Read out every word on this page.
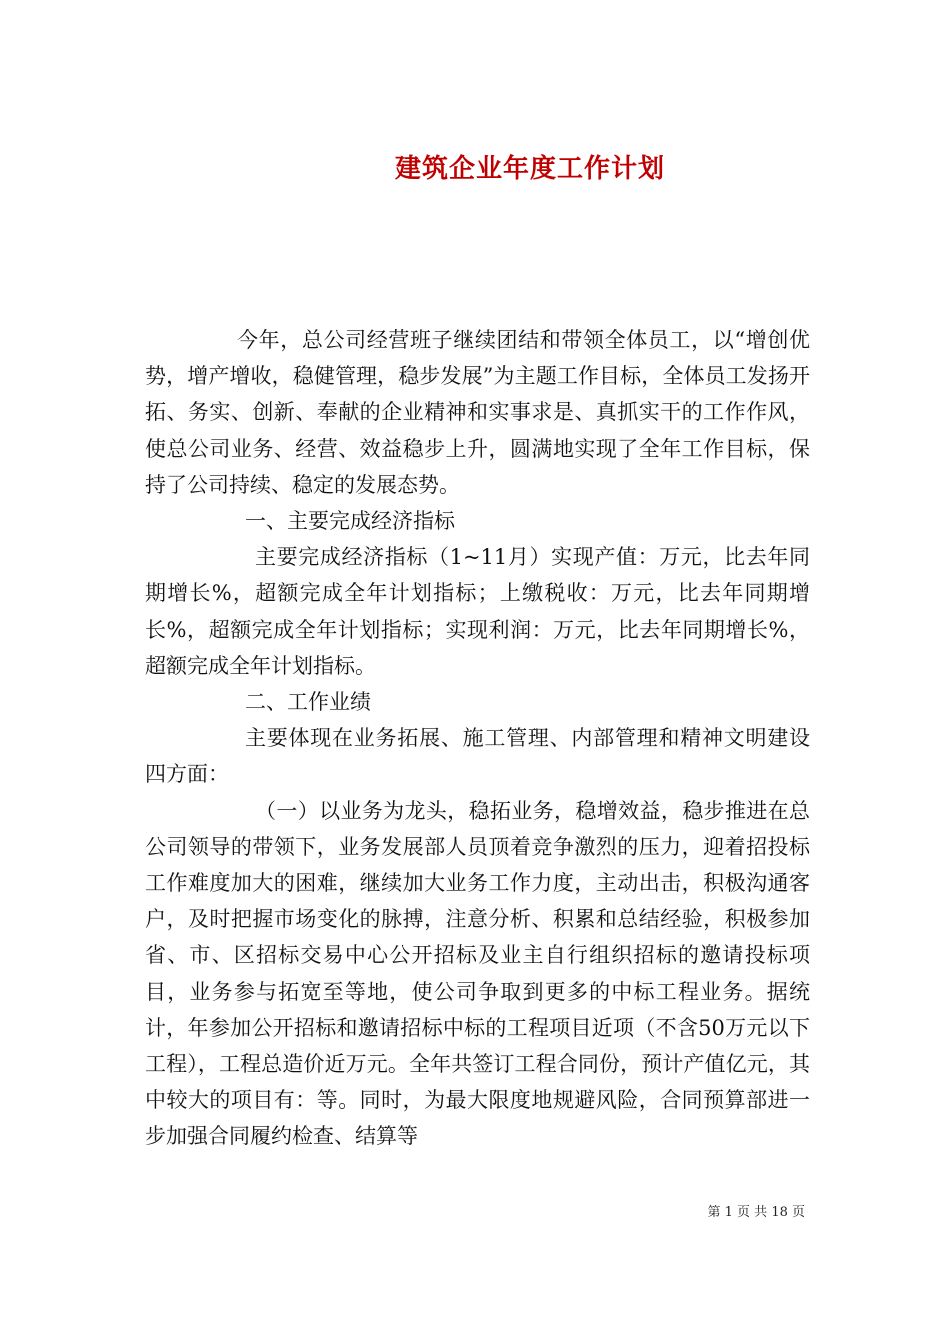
建筑企业年度工作计划

今年，总公司经营班子继续团结和带领全体员工，以“增创优势，增产增收，稳健管理，稳步发展”为主题工作目标，全体员工发扬开拓、务实、创新、奉献的企业精神和实事求是、真抓实干的工作作风，使总公司业务、经营、效益稳步上升，圆满地实现了全年工作目标，保持了公司持续、稳定的发展态势。

一、主要完成经济指标

主要完成经济指标（1~11月）实现产值：万元，比去年同期增长%，超额完成全年计划指标；上缴税收：万元，比去年同期增长%，超额完成全年计划指标；实现利润：万元，比去年同期增长%，超额完成全年计划指标。

二、工作业绩

主要体现在业务拓展、施工管理、内部管理和精神文明建设四方面：

（一）以业务为龙头，稳拓业务，稳增效益，稳步推进在总公司领导的带领下，业务发展部人员顶着竞争激烈的压力，迎着招投标工作难度加大的困难，继续加大业务工作力度，主动出击，积极沟通客户，及时把握市场变化的脉搏，注意分析、积累和总结经验，积极参加省、市、区招标交易中心公开招标及业主自行组织招标的邀请投标项目，业务参与拓宽至等地，使公司争取到更多的中标工程业务。据统计，年参加公开招标和邀请招标中标的工程项目近项（不含50万元以下工程），工程总造价近万元。全年共签订工程合同份，预计产值亿元，其中较大的项目有：等。同时，为最大限度地规避风险，合同预算部进一步加强合同履约检查、结算等

第 1 页 共 18 页
